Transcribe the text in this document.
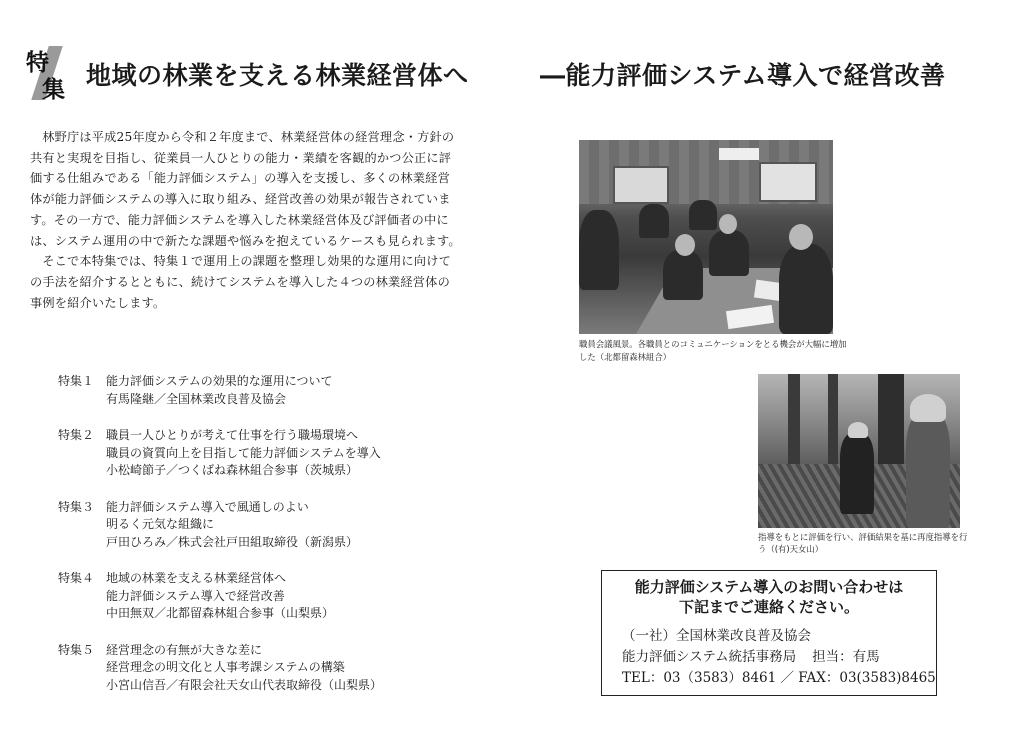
特
集 地域の林業を支える林業経営体へ	―能力評価システム導入で経営改善

林野庁は平成25年度から令和２年度まで、林業経営体の経営理念・方針の共有と実現を目指し、従業員一人ひとりの能力・業績を客観的かつ公正に評価する仕組みである「能力評価システム」の導入を支援し、多くの林業経営体が能力評価システムの導入に取り組み、経営改善の効果が報告されています。その一方で、能力評価システムを導入した林業経営体及び評価者の中には、システム運用の中で新たな課題や悩みを抱えているケースも見られます。

そこで本特集では、特集１で運用上の課題を整理し効果的な運用に向けての手法を紹介するとともに、続けてシステムを導入した４つの林業経営体の事例を紹介いたします。

特集１ 能力評価システムの効果的な運用について
有馬隆継／全国林業改良普及協会
特集２ 職員一人ひとりが考えて仕事を行う職場環境へ
職員の資質向上を目指して能力評価システムを導入
小松崎節子／つくばね森林組合参事（茨城県）
特集３ 能力評価システム導入で風通しのよい
明るく元気な組織に
戸田ひろみ／株式会社戸田組取締役（新潟県）
特集４ 地域の林業を支える林業経営体へ
能力評価システム導入で経営改善
中田無双／北都留森林組合参事（山梨県）
特集５ 経営理念の有無が大きな差に
経営理念の明文化と人事考課システムの構築
小宮山信吾／有限会社天女山代表取締役（山梨県）
職員会議風景。各職員とのコミュニケーションをとる機会が大幅に増加した（北都留森林組合）
指導をもとに評価を行い、評価結果を基に再度指導を行う（(有)天女山）
能力評価システム導入のお問い合わせは
下記までご連絡ください。
（一社）全国林業改良普及協会
能力評価システム統括事務局 担当：有馬
TEL：03（3583）8461 ／ FAX：03(3583)8465
